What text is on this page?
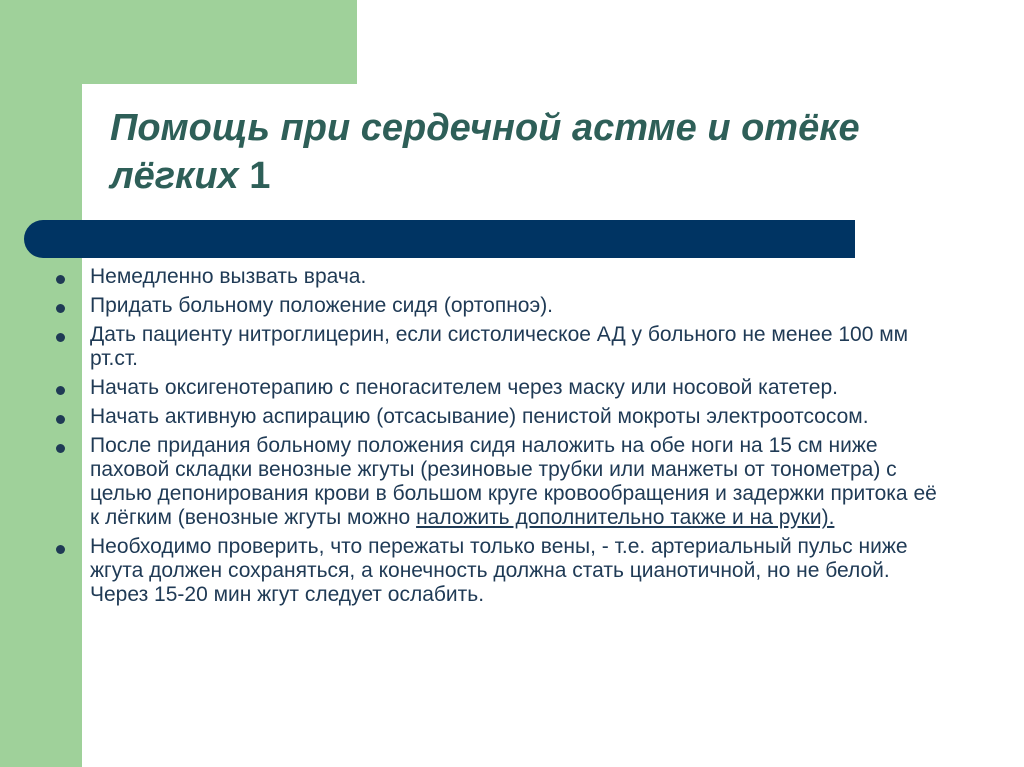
Помощь при сердечной астме и отёке лёгких 1
Немедленно вызвать врача.
Придать больному положение сидя (ортопноэ).
Дать пациенту нитроглицерин, если систолическое АД у больного не менее 100 мм рт.ст.
Начать оксигенотерапию с пеногасителем через маску или носовой катетер.
Начать активную аспирацию (отсасывание) пенистой мокроты электроотсосом.
После придания больному положения сидя наложить на обе ноги на 15 см ниже паховой складки венозные жгуты (резиновые трубки или манжеты от тонометра) с целью депонирования крови в большом круге кровообращения и задержки притока её к лёгким (венозные жгуты можно наложить дополнительно также и на руки).
Необходимо проверить, что пережаты только вены, - т.е. артериальный пульс ниже жгута должен сохраняться, а конечность должна стать цианотичной, но не белой. Через 15-20 мин жгут следует ослабить.
